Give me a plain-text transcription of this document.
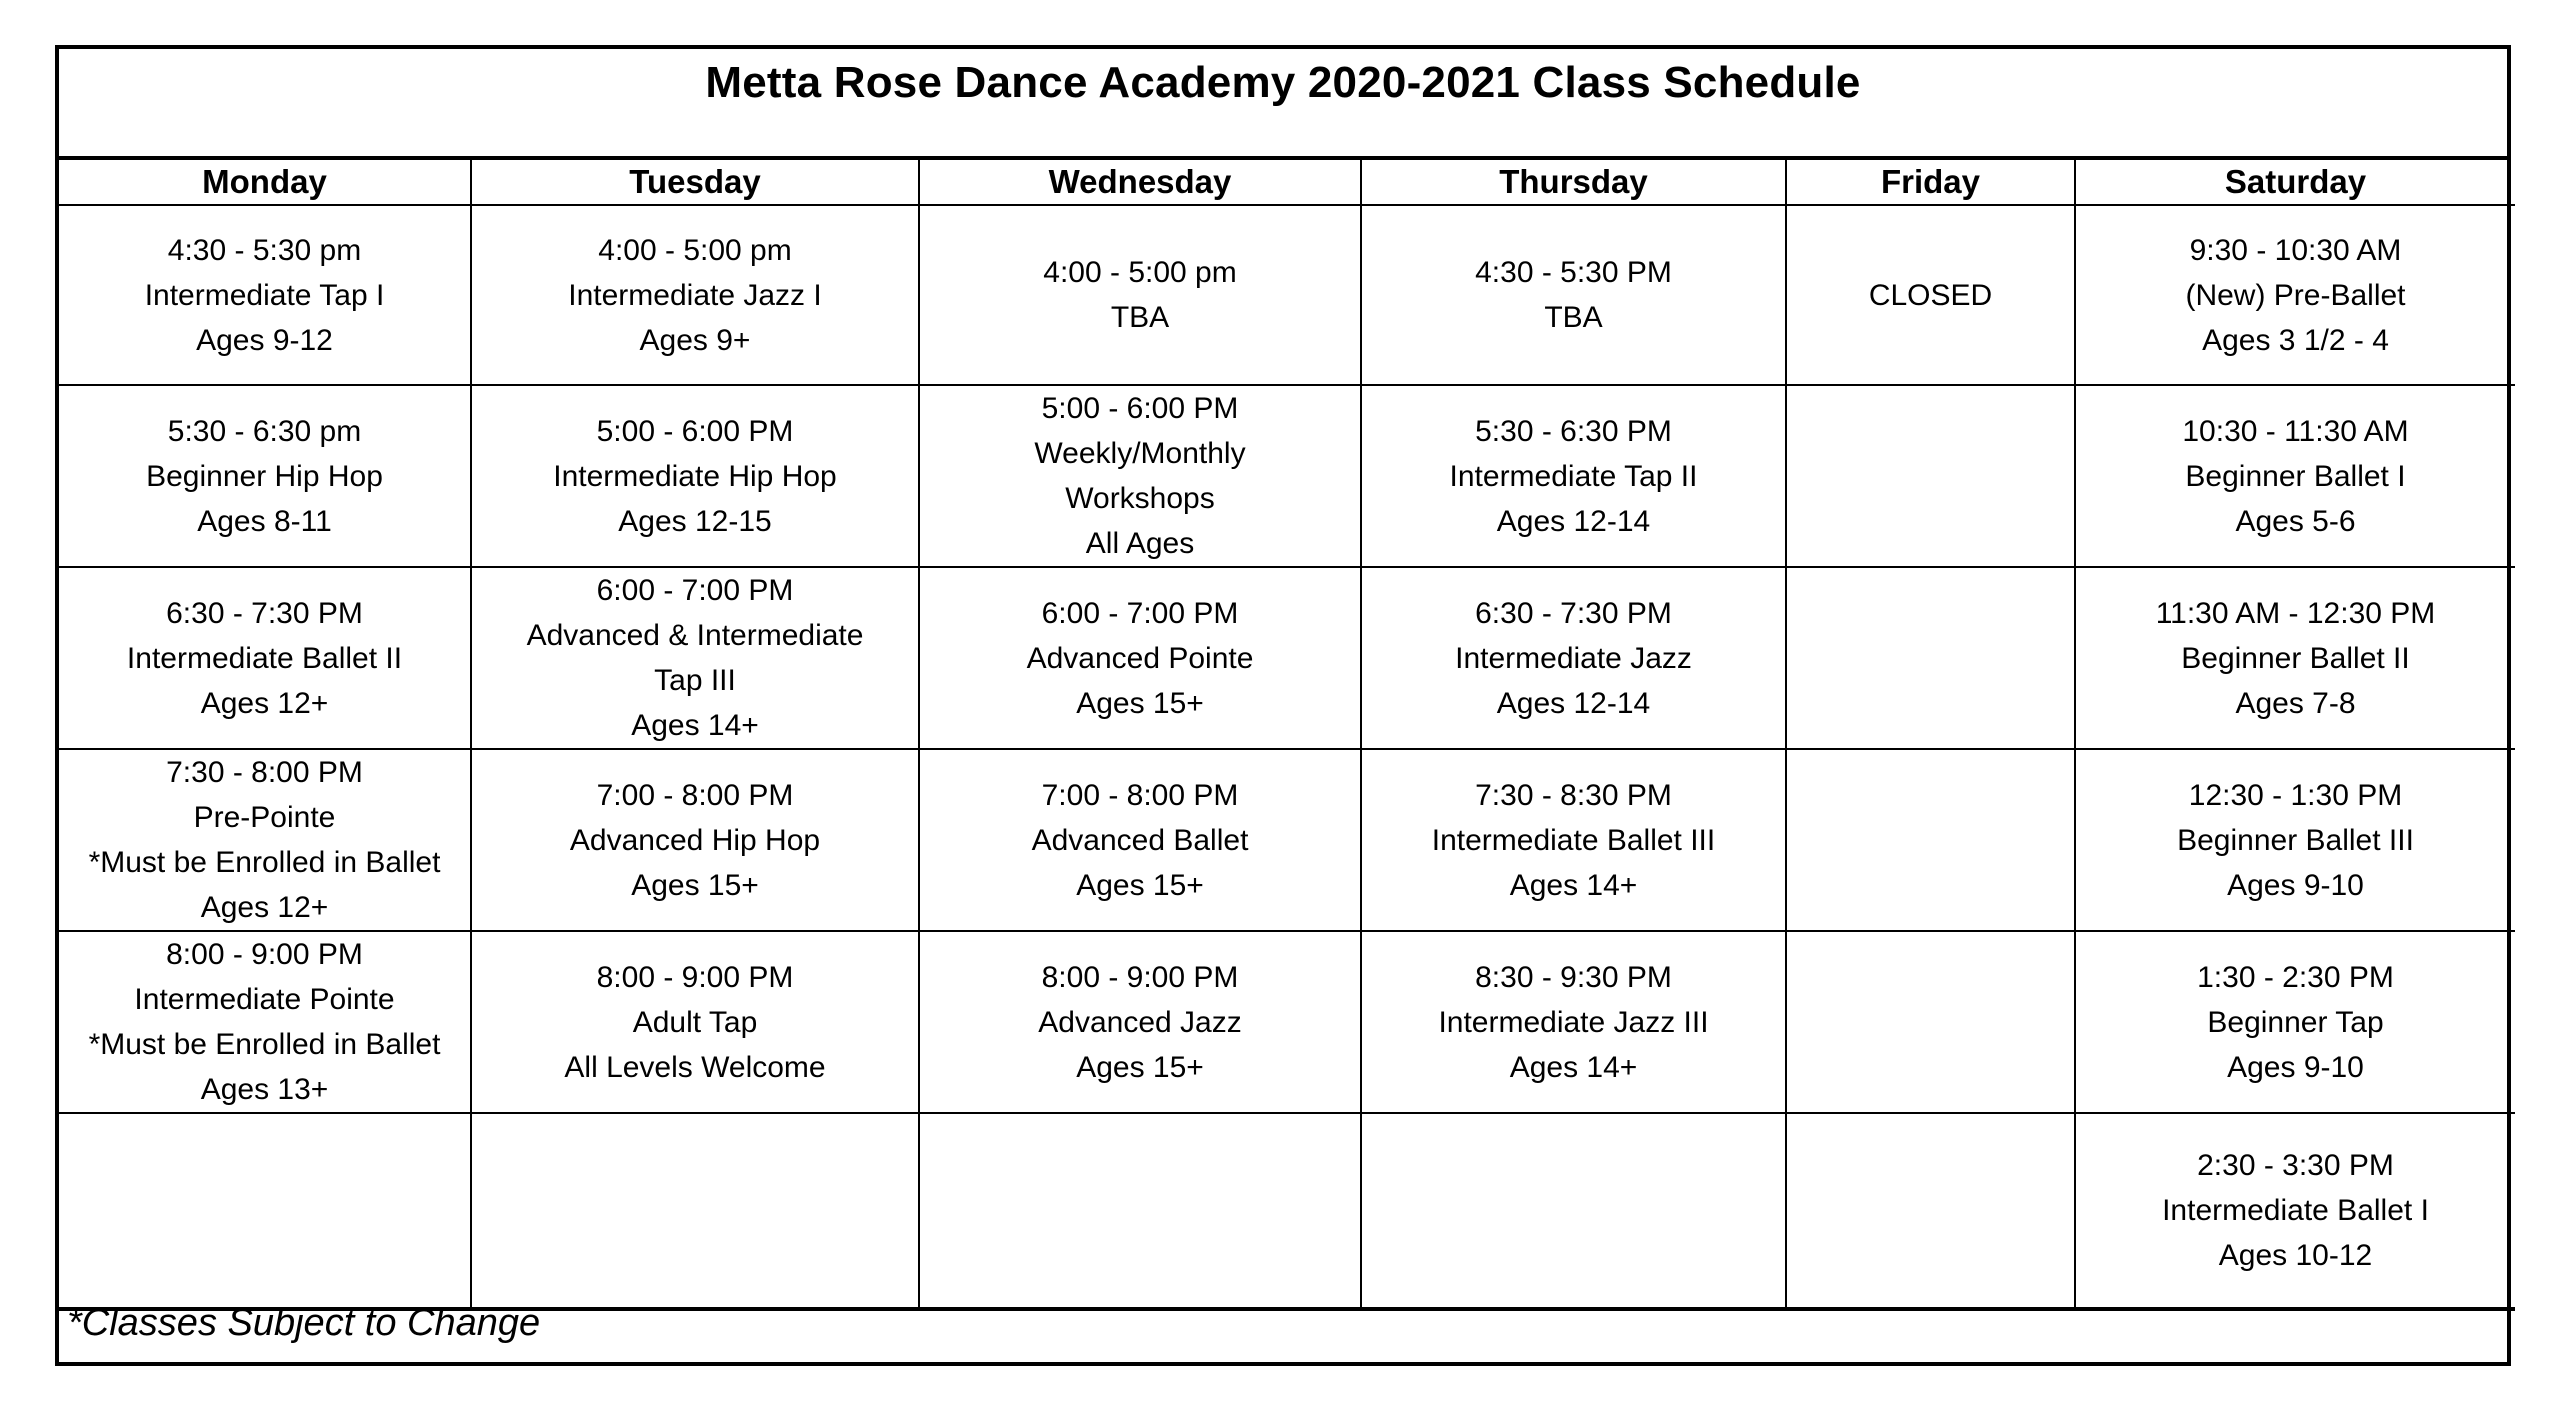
Metta Rose Dance Academy 2020-2021 Class Schedule
Monday	Tuesday	Wednesday	Thursday	Friday	Saturday

4:30 - 5:30 pm
Intermediate Tap I
Ages 9-12	4:00 - 5:00 pm
Intermediate Jazz I
Ages 9+	4:00 - 5:00 pm
TBA	4:30 - 5:30 PM
TBA	CLOSED	9:30 - 10:30 AM
(New) Pre-Ballet
Ages 3 1/2 - 4

5:30 - 6:30 pm
Beginner Hip Hop
Ages 8-11	5:00 - 6:00 PM
Intermediate Hip Hop
Ages 12-15	5:00 - 6:00 PM
Weekly/Monthly
Workshops
All Ages	5:30 - 6:30 PM
Intermediate Tap II
Ages 12-14		10:30 - 11:30 AM
Beginner Ballet I
Ages 5-6

6:30 - 7:30 PM
Intermediate Ballet II
Ages 12+	6:00 - 7:00 PM
Advanced & Intermediate
Tap III
Ages 14+	6:00 - 7:00 PM
Advanced Pointe
Ages 15+	6:30 - 7:30 PM
Intermediate Jazz
Ages 12-14		11:30 AM - 12:30 PM
Beginner Ballet II
Ages 7-8

7:30 - 8:00 PM
Pre-Pointe
*Must be Enrolled in Ballet
Ages 12+	7:00 - 8:00 PM
Advanced Hip Hop
Ages 15+	7:00 - 8:00 PM
Advanced Ballet
Ages 15+	7:30 - 8:30 PM
Intermediate Ballet III
Ages 14+		12:30 - 1:30 PM
Beginner Ballet III
Ages 9-10

8:00 - 9:00 PM
Intermediate Pointe
*Must be Enrolled in Ballet
Ages 13+	8:00 - 9:00 PM
Adult Tap
All Levels Welcome	8:00 - 9:00 PM
Advanced Jazz
Ages 15+	8:30 - 9:30 PM
Intermediate Jazz III
Ages 14+		1:30 - 2:30 PM
Beginner Tap
Ages 9-10

					2:30 - 3:30 PM
Intermediate Ballet I
Ages 10-12
*Classes Subject to Change
